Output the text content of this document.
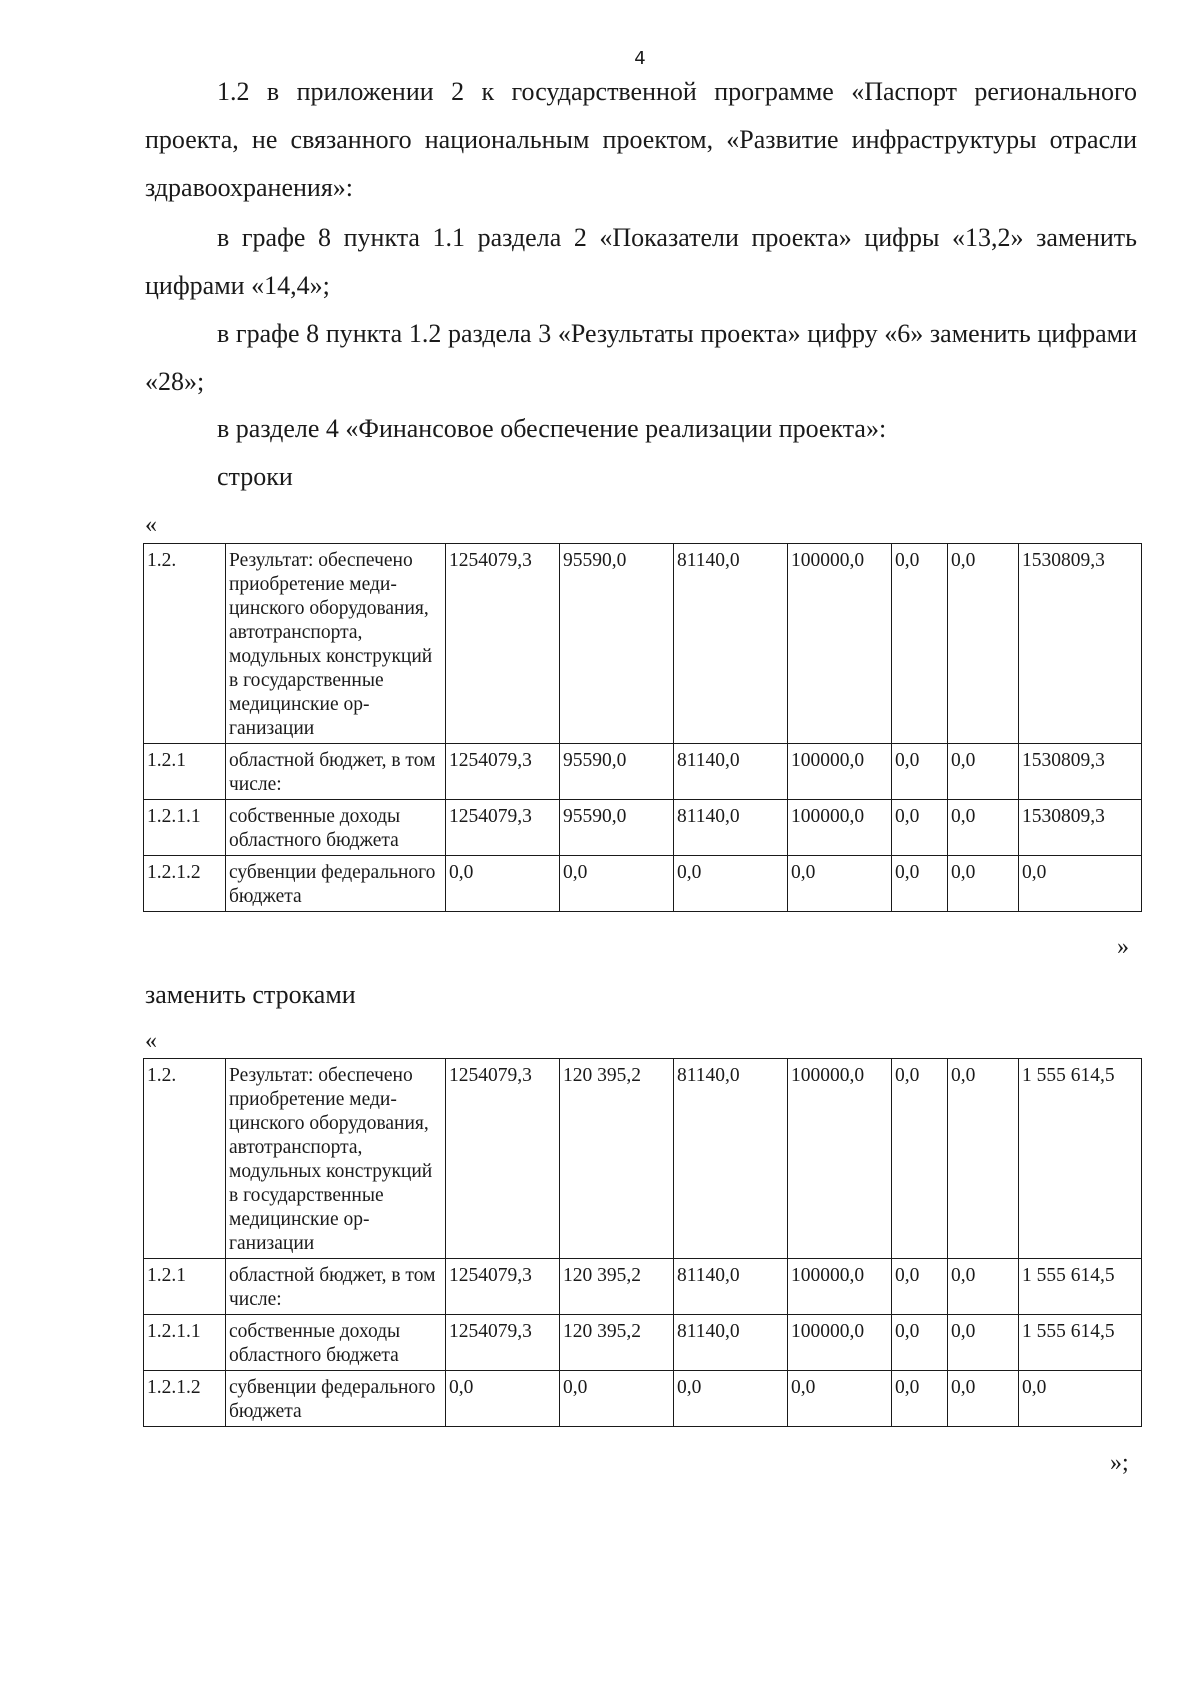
4

1.2 в приложении 2 к государственной программе «Паспорт регионального проекта, не связанного национальным проектом, «Развитие инфраструктуры отрасли здравоохранения»:

в графе 8 пункта 1.1 раздела 2 «Показатели проекта» цифры «13,2» заменить цифрами «14,4»;

в графе 8 пункта 1.2 раздела 3 «Результаты проекта» цифру «6» заменить цифрами «28»;

в разделе 4 «Финансовое обеспечение реализации проекта»:

строки

«
1.2.	Результат: обеспечено приобретение медицинского оборудования, автотранспорта, модульных конструкций в государственные медицинские организации	1254079,3	95590,0	81140,0	100000,0	0,0	0,0	1530809,3
1.2.1	областной бюджет, в том числе:	1254079,3	95590,0	81140,0	100000,0	0,0	0,0	1530809,3
1.2.1.1	собственные доходы областного бюджета	1254079,3	95590,0	81140,0	100000,0	0,0	0,0	1530809,3
1.2.1.2	субвенции федерального бюджета	0,0	0,0	0,0	0,0	0,0	0,0	0,0
»

заменить строками

«
1.2.	Результат: обеспечено приобретение медицинского оборудования, автотранспорта, модульных конструкций в государственные медицинские организации	1254079,3	120 395,2	81140,0	100000,0	0,0	0,0	1 555 614,5
1.2.1	областной бюджет, в том числе:	1254079,3	120 395,2	81140,0	100000,0	0,0	0,0	1 555 614,5
1.2.1.1	собственные доходы областного бюджета	1254079,3	120 395,2	81140,0	100000,0	0,0	0,0	1 555 614,5
1.2.1.2	субвенции федерального бюджета	0,0	0,0	0,0	0,0	0,0	0,0	0,0
»;
